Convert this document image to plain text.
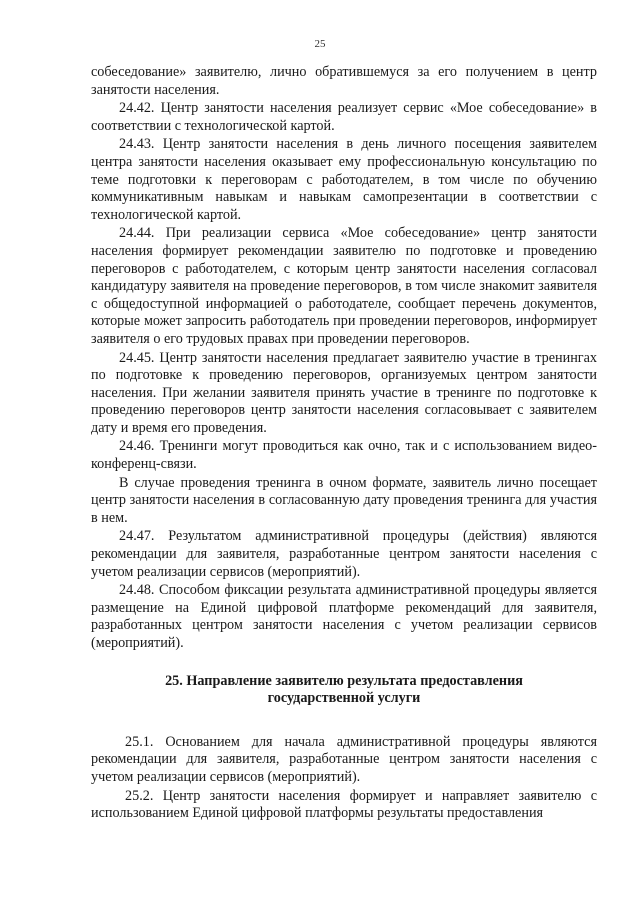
25

собеседование» заявителю, лично обратившемуся за его получением в центр занятости населения.

24.42. Центр занятости населения реализует сервис «Мое собеседование» в соответствии с технологической картой.

24.43. Центр занятости населения в день личного посещения заявителем центра занятости населения оказывает ему профессиональную консультацию по теме подготовки к переговорам с работодателем, в том числе по обучению коммуникативным навыкам и навыкам самопрезентации в соответствии с технологической картой.

24.44. При реализации сервиса «Мое собеседование» центр занятости населения формирует рекомендации заявителю по подготовке и проведению переговоров с работодателем, с которым центр занятости населения согласовал кандидатуру заявителя на проведение переговоров, в том числе знакомит заявителя с общедоступной информацией о работодателе, сообщает перечень документов, которые может запросить работодатель при проведении переговоров, информирует заявителя о его трудовых правах при проведении переговоров.

24.45. Центр занятости населения предлагает заявителю участие в тренингах по подготовке к проведению переговоров, организуемых центром занятости населения. При желании заявителя принять участие в тренинге по подготовке к проведению переговоров центр занятости населения согласовывает с заявителем дату и время его проведения.

24.46. Тренинги могут проводиться как очно, так и с использованием видео-конференц-связи.

В случае проведения тренинга в очном формате, заявитель лично посещает центр занятости населения в согласованную дату проведения тренинга для участия в нем.

24.47. Результатом административной процедуры (действия) являются рекомендации для заявителя, разработанные центром занятости населения с учетом реализации сервисов (мероприятий).

24.48. Способом фиксации результата административной процедуры является размещение на Единой цифровой платформе рекомендаций для заявителя, разработанных центром занятости населения с учетом реализации сервисов (мероприятий).

25. Направление заявителю результата предоставления государственной услуги

25.1. Основанием для начала административной процедуры являются рекомендации для заявителя, разработанные центром занятости населения с учетом реализации сервисов (мероприятий).

25.2. Центр занятости населения формирует и направляет заявителю с использованием Единой цифровой платформы результаты предоставления
